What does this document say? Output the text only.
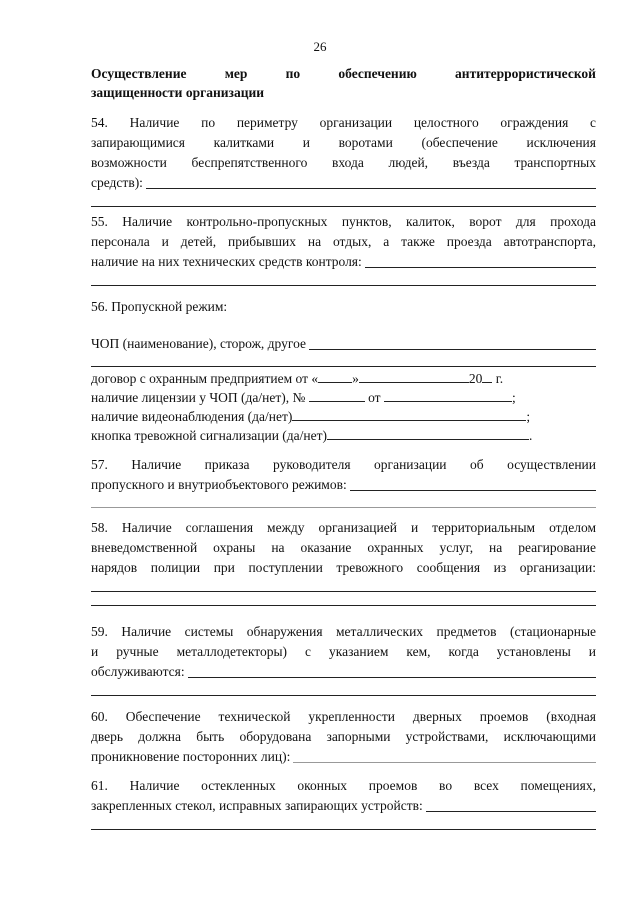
26
Осуществление	мер	по	обеспечению	антитеррористической
защищенности организации
54. Наличие по периметру организации целостного ограждения с
запирающимися калитками и воротами (обеспечение исключения
возможности беспрепятственного входа людей, въезда транспортных
средств):
55. Наличие контрольно-пропускных пунктов, калиток, ворот для прохода
персонала и детей, прибывших на отдых, а также проезда автотранспорта,
наличие на них технических средств контроля:
56. Пропускной режим:
ЧОП (наименование), сторож, другое
договор с охранным предприятием от «	»	20 г.
наличие лицензии у ЧОП (да/нет), №	от	;
наличие видеонаблюдения (да/нет)	;
кнопка тревожной сигнализации (да/нет)	.
57. Наличие приказа руководителя организации об осуществлении
пропускного и внутриобъектового режимов:
58. Наличие соглашения между организацией и территориальным отделом
вневедомственной охраны на оказание охранных услуг, на реагирование
нарядов полиции при поступлении тревожного сообщения из организации:
59. Наличие системы обнаружения металлических предметов (стационарные
и ручные металлодетекторы) с указанием кем, когда установлены и
обслуживаются:
60. Обеспечение технической укрепленности дверных проемов (входная
дверь должна быть оборудована запорными устройствами, исключающими
проникновение посторонних лиц):
61. Наличие остекленных оконных проемов во всех помещениях,
закрепленных стекол, исправных запирающих устройств:
